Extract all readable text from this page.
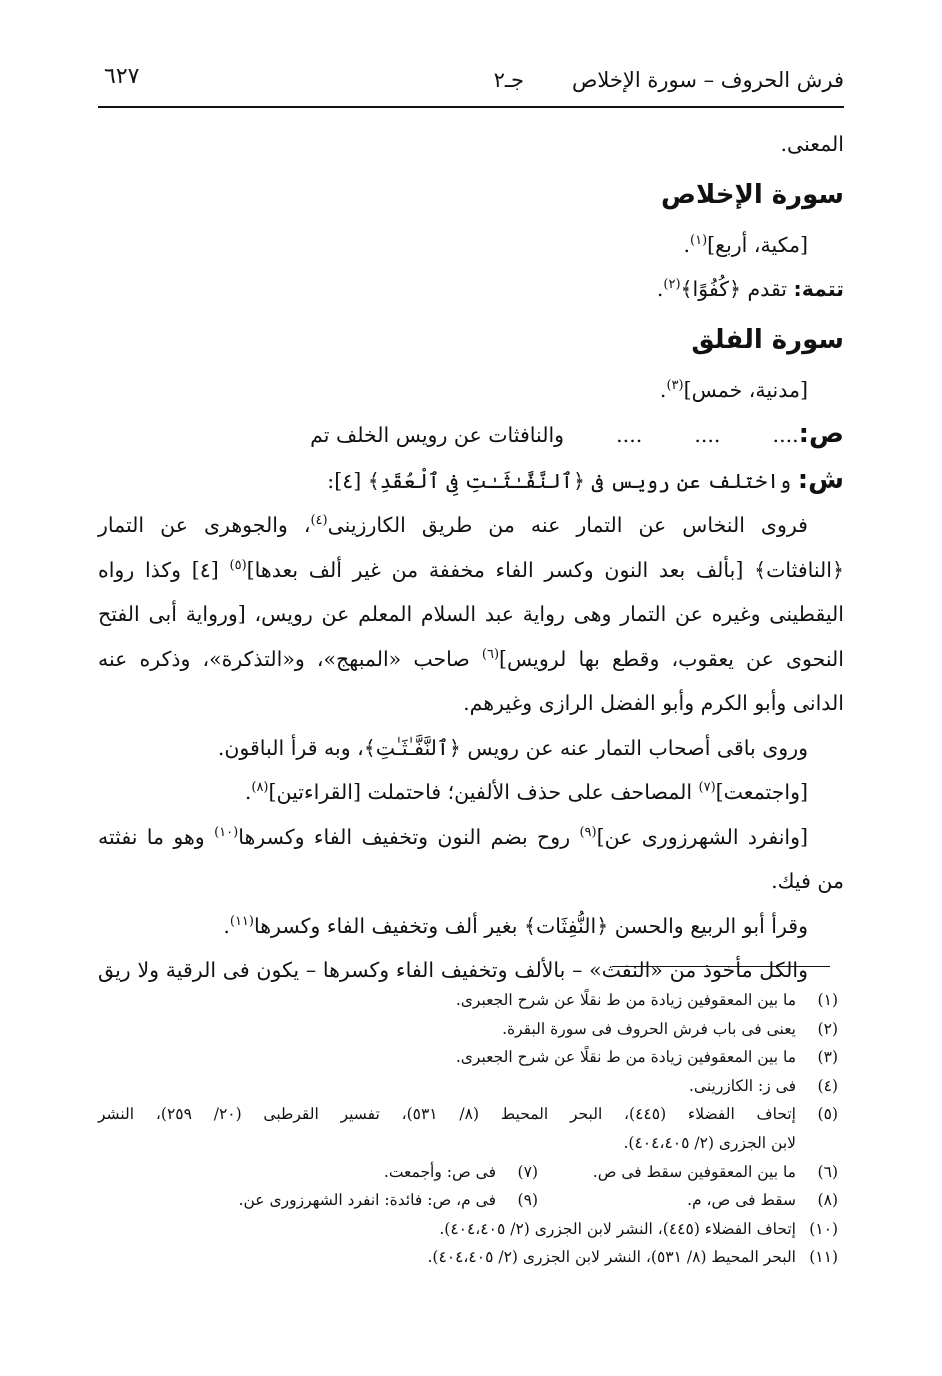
فرش الحروف – سورة الإخلاص
جـ٢
٦٢٧
المعنى.
سورة الإخلاص
[مكية، أربع]$^{(١)}$.
تتمة: تقدم ﴿كُفُوًا﴾$^{(٢)}$.
سورة الفلق
[مدنية، خمس]$^{(٣)}$.
ص:....        ....        ....        والنافثات عن رويس الخلف تم
ش: واختلف عن رويس فى ﴿ٱلنَّفَّـٰثَـٰتِ فِى ٱلْعُقَدِ﴾ [٤]:
فروى النخاس عن التمار عنه من طريق الكارزينى$^{(٤)}$، والجوهرى عن التمار
﴿النافثات﴾ [بألف بعد النون وكسر الفاء مخففة من غير ألف بعدها]$^{(٥)}$ [٤] وكذا رواه
اليقطينى وغيره عن التمار وهى رواية عبد السلام المعلم عن رويس، [ورواية أبى الفتح
النحوى عن يعقوب، وقطع بها لرويس]$^{(٦)}$ صاحب «المبهج»، و«التذكرة»، وذكره عنه
الدانى وأبو الكرم وأبو الفضل الرازى وغيرهم.
وروى باقى أصحاب التمار عنه عن رويس ﴿ٱلنَّفَّـٰثَـٰتِ﴾، وبه قرأ الباقون.
[واجتمعت]$^{(٧)}$ المصاحف على حذف الألفين؛ فاحتملت [القراءتين]$^{(٨)}$.
[وانفرد الشهرزورى عن]$^{(٩)}$ روح بضم النون وتخفيف الفاء وكسرها$^{(١٠)}$ وهو ما نفثته
من فيك.
وقرأ أبو الربيع والحسن ﴿النُّفِثَات﴾ بغير ألف وتخفيف الفاء وكسرها$^{(١١)}$.
والكل مأخوذ من «النفث» – بالألف وتخفيف الفاء وكسرها – يكون فى الرقية ولا ريق
(١)
ما بين المعقوفين زيادة من ط نقلًا عن شرح الجعبرى.
(٢)
يعنى فى باب فرش الحروف فى سورة البقرة.
(٣)
ما بين المعقوفين زيادة من ط نقلًا عن شرح الجعبرى.
(٤)
فى ز: الكازرينى.
(٥)
إتحاف الفضلاء (٤٤٥)، البحر المحيط (٨/ ٥٣١)، تفسير القرطبى (٢٠/ ٢٥٩)، النشر
لابن الجزرى (٢/ ٤٠٤،٤٠٥).
(٦)
ما بين المعقوفين سقط فى ص.
(٧)
فى ص: وأجمعت.
(٨)
سقط فى ص، م.
(٩)
فى م، ص: فائدة: انفرد الشهرزورى عن.
(١٠)
إتحاف الفضلاء (٤٤٥)، النشر لابن الجزرى (٢/ ٤٠٤،٤٠٥).
(١١)
البحر المحيط (٨/ ٥٣١)، النشر لابن الجزرى (٢/ ٤٠٤،٤٠٥).
